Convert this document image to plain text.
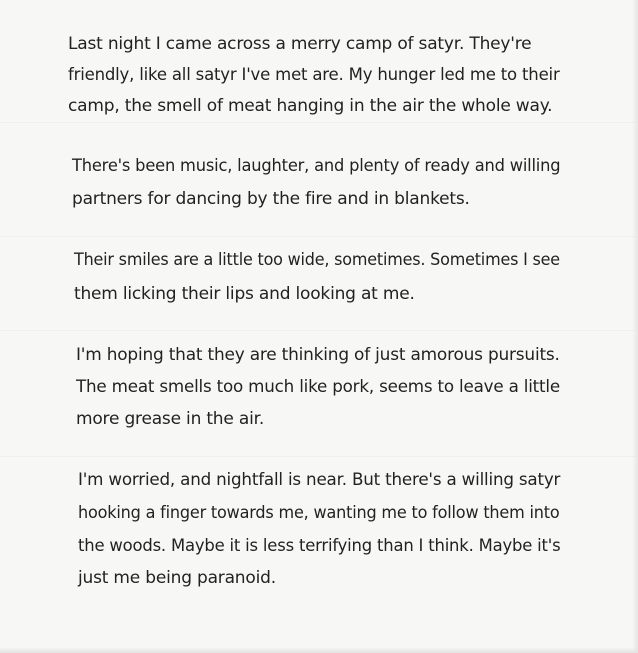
Last night I came across a merry camp of satyr. They're
friendly, like all satyr I've met are. My hunger led me to their
camp, the smell of meat hanging in the air the whole way.
There's been music, laughter, and plenty of ready and willing
partners for dancing by the fire and in blankets.
Their smiles are a little too wide, sometimes. Sometimes I see
them licking their lips and looking at me.
I'm hoping that they are thinking of just amorous pursuits.
The meat smells too much like pork, seems to leave a little
more grease in the air.
I'm worried, and nightfall is near. But there's a willing satyr
hooking a finger towards me, wanting me to follow them into
the woods. Maybe it is less terrifying than I think. Maybe it's
just me being paranoid.
